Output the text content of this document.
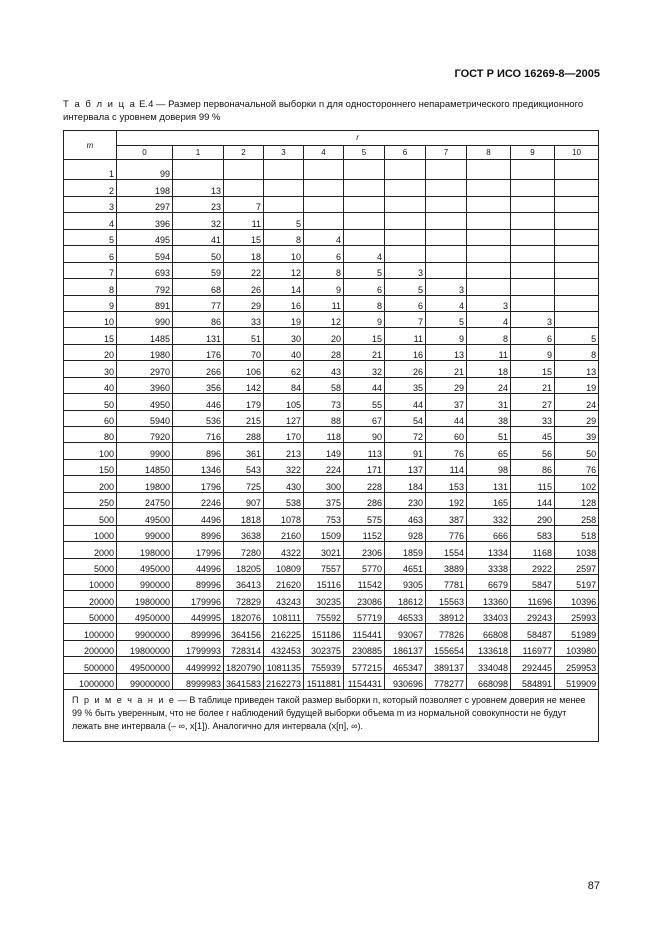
ГОСТ Р ИСО 16269-8—2005
Т а б л и ц а Е.4 — Размер первоначальной выборки n для одностороннего непараметрического предикционного интервала с уровнем доверия 99 %
m	r										
	0	1	2	3	4	5	6	7	8	9	10
1	99										
2	198	13									
3	297	23	7								
4	396	32	11	5							
5	495	41	15	8	4						
6	594	50	18	10	6	4					
7	693	59	22	12	8	5	3				
8	792	68	26	14	9	6	5	3			
9	891	77	29	16	11	8	6	4	3		
10	990	86	33	19	12	9	7	5	4	3	
15	1485	131	51	30	20	15	11	9	8	6	5
20	1980	176	70	40	28	21	16	13	11	9	8
30	2970	266	106	62	43	32	26	21	18	15	13
40	3960	356	142	84	58	44	35	29	24	21	19
50	4950	446	179	105	73	55	44	37	31	27	24
60	5940	536	215	127	88	67	54	44	38	33	29
80	7920	716	288	170	118	90	72	60	51	45	39
100	9900	896	361	213	149	113	91	76	65	56	50
150	14850	1346	543	322	224	171	137	114	98	86	76
200	19800	1796	725	430	300	228	184	153	131	115	102
250	24750	2246	907	538	375	286	230	192	165	144	128
500	49500	4496	1818	1078	753	575	463	387	332	290	258
1000	99000	8996	3638	2160	1509	1152	928	776	666	583	518
2000	198000	17996	7280	4322	3021	2306	1859	1554	1334	1168	1038
5000	495000	44996	18205	10809	7557	5770	4651	3889	3338	2922	2597
10000	990000	89996	36413	21620	15116	11542	9305	7781	6679	5847	5197
20000	1980000	179996	72829	43243	30235	23086	18612	15563	13360	11696	10396
50000	4950000	449995	182076	108111	75592	57719	46533	38912	33403	29243	25993
100000	9900000	899996	364156	216225	151186	115441	93067	77826	66808	58487	51989
200000	19800000	1799993	728314	432453	302375	230885	186137	155654	133618	116977	103980
500000	49500000	4499992	1820790	1081135	755939	577215	465347	389137	334048	292445	259953
1000000	99000000	8999983	3641583	2162273	1511881	1154431	930696	778277	668098	584891	519909
П р и м е ч а н и е — В таблице приведен такой размер выборки n, который позволяет с уровнем доверия не менее 99 % быть уверенным, что не более r наблюдений будущей выборки объема m из нормальной совокупности не будут лежать вне интервала (– ∞, x[1]). Аналогично для интервала (x[n], ∞).											
87
